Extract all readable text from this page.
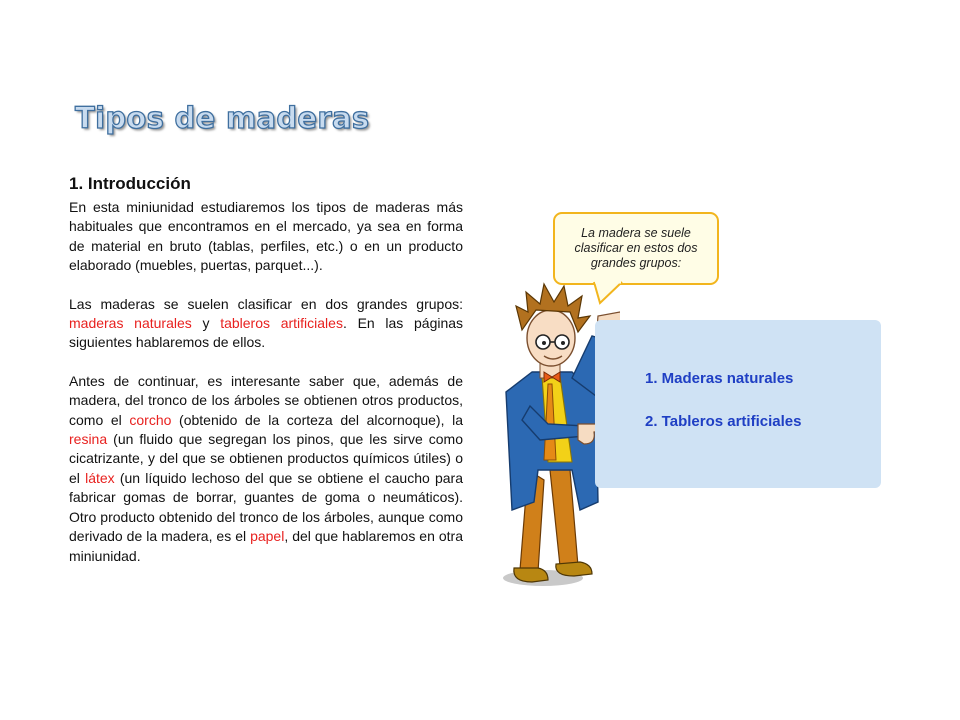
Tipos de maderas
1. Introducción

En esta miniunidad estudiaremos los tipos de maderas más habituales que encontramos en el mercado, ya sea en forma de material en bruto (tablas, perfiles, etc.) o en un producto elaborado (muebles, puertas, parquet...).

Las maderas se suelen clasificar en dos grandes grupos: maderas naturales y tableros artificiales. En las páginas siguientes hablaremos de ellos.

Antes de continuar, es interesante saber que, además de madera, del tronco de los árboles se obtienen otros productos, como el corcho (obtenido de la corteza del alcornoque), la resina (un fluido que segregan los pinos, que les sirve como cicatrizante, y del que se obtienen productos químicos útiles) o el látex (un líquido lechoso del que se obtiene el caucho para fabricar gomas de borrar, guantes de goma o neumáticos). Otro producto obtenido del tronco de los árboles, aunque como derivado de la madera, es el papel, del que hablaremos en otra miniunidad.

La madera se suele clasificar en estos dos grandes grupos:
1. Maderas naturales
2. Tableros artificiales
